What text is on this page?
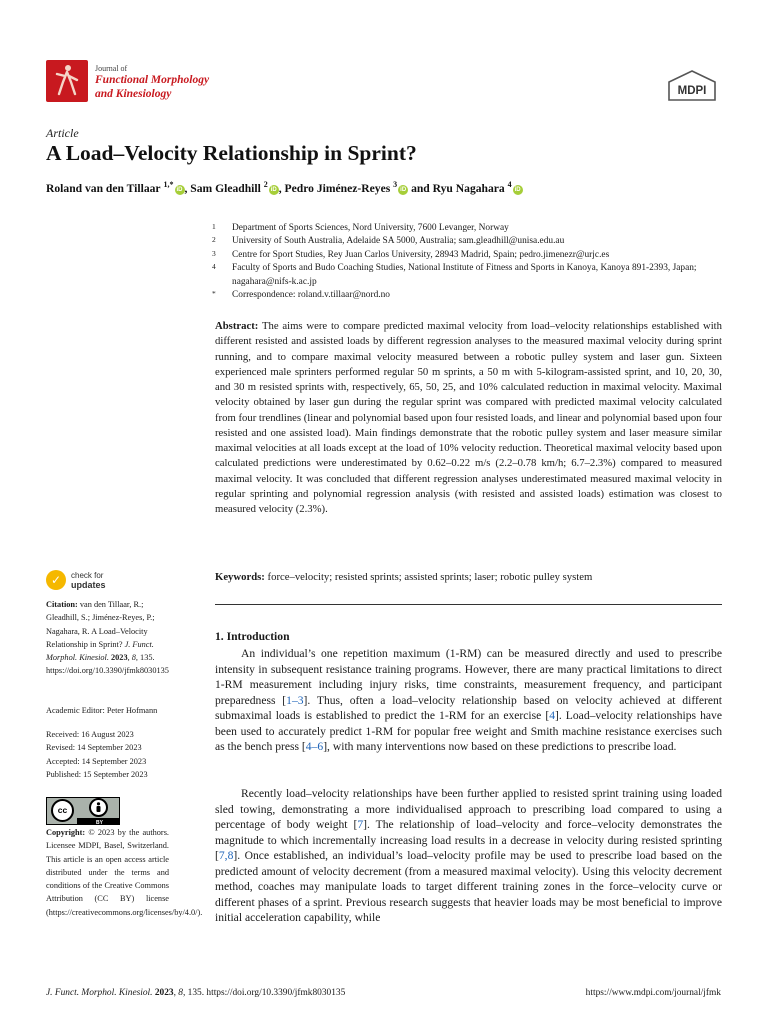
Journal of
Functional Morphology
and Kinesiology	MDPI
Article
A Load–Velocity Relationship in Sprint?
Roland van den Tillaar $^{1,*}$iD , Sam Gleadhill $^2$iD , Pedro Jiménez-Reyes $^3$iD and Ryu Nagahara $^4$iD
1 Department of Sports Sciences, Nord University, 7600 Levanger, Norway
2 University of South Australia, Adelaide SA 5000, Australia; sam.gleadhill@unisa.edu.au
3 Centre for Sport Studies, Rey Juan Carlos University, 28943 Madrid, Spain; pedro.jimenezr@urjc.es
4 Faculty of Sports and Budo Coaching Studies, National Institute of Fitness and Sports in Kanoya, Kanoya 891-2393, Japan; nagahara@nifs-k.ac.jp
* Correspondence: roland.v.tillaar@nord.no

Abstract: The aims were to compare predicted maximal velocity from load–velocity relationships established with different resisted and assisted loads by different regression analyses to the measured maximal velocity during sprint running, and to compare maximal velocity measured between a robotic pulley system and laser gun. Sixteen experienced male sprinters performed regular 50 m sprints, a 50 m with 5-kilogram-assisted sprint, and 10, 20, 30, and 30 m resisted sprints with, respectively, 65, 50, 25, and 10% calculated reduction in maximal velocity. Maximal velocity obtained by laser gun during the regular sprint was compared with predicted maximal velocity calculated from four trendlines (linear and polynomial based upon four resisted loads, and linear and polynomial based upon four resisted and one assisted load). Main findings demonstrate that the robotic pulley system and laser measure similar maximal velocities at all loads except at the load of 10% velocity reduction. Theoretical maximal velocity based upon calculated predictions were underestimated by 0.62–0.22 m/s (2.2–0.78 km/h; 6.7–2.3%) compared to measured maximal velocity. It was concluded that different regression analyses underestimated measured maximal velocity in regular sprinting and polynomial regression analysis (with resisted and assisted loads) estimation was closest to measured velocity (2.3%).

Keywords: force–velocity; resisted sprints; assisted sprints; laser; robotic pulley system

✓ check for
updates

Citation: van den Tillaar, R.; Gleadhill, S.; Jiménez-Reyes, P.; Nagahara, R. A Load–Velocity Relationship in Sprint? J. Funct. Morphol. Kinesiol. 2023, 8, 135. https://doi.org/10.3390/jfmk8030135

Academic Editor: Peter Hofmann

Received: 16 August 2023
Revised: 14 September 2023
Accepted: 14 September 2023
Published: 15 September 2023
cc
BY

Copyright: © 2023 by the authors. Licensee MDPI, Basel, Switzerland. This article is an open access article distributed under the terms and conditions of the Creative Commons Attribution (CC BY) license (https://creativecommons.org/licenses/by/4.0/).

1. Introduction

An individual’s one repetition maximum (1-RM) can be measured directly and used to prescribe intensity in subsequent resistance training programs. However, there are many practical limitations to direct 1-RM measurement including injury risks, time constraints, measurement frequency, and participant preparedness [1–3]. Thus, often a load–velocity relationship based on velocity achieved at different submaximal loads is established to predict the 1-RM for an exercise [4]. Load–velocity relationships have been used to accurately predict 1-RM for popular free weight and Smith machine resistance exercises such as the bench press [4–6], with many interventions now based on these predictions to prescribe load.

Recently load–velocity relationships have been further applied to resisted sprint training using loaded sled towing, demonstrating a more individualised approach to prescribing load compared to using a percentage of body weight [7]. The relationship of load–velocity and force–velocity demonstrates the magnitude to which incrementally increasing load results in a decrease in velocity during resisted sprinting [7,8]. Once established, an individual’s load–velocity profile may be used to prescribe load based on the predicted amount of velocity decrement (from a measured maximal velocity). Using this velocity decrement method, coaches may manipulate loads to target different training zones in the force–velocity curve or different phases of a sprint. Previous research suggests that heavier loads may be most beneficial to improve initial acceleration capability, while

J. Funct. Morphol. Kinesiol. 2023, 8, 135. https://doi.org/10.3390/jfmk8030135	https://www.mdpi.com/journal/jfmk
